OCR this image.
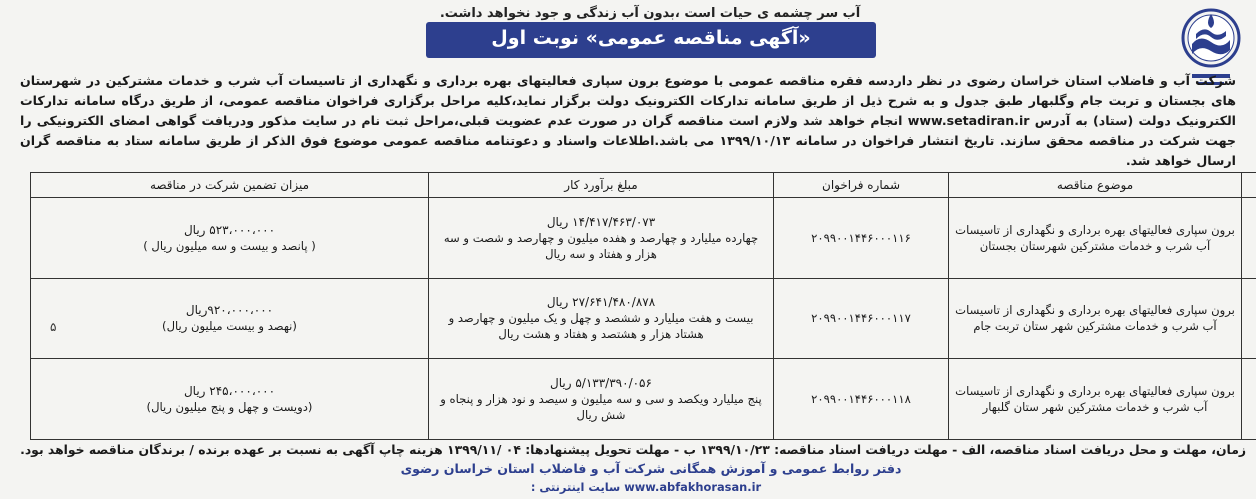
آب سر چشمه ی حیات است ،بدون آب زندگی و جود نخواهد داشت.
«آگهی مناقصه عمومی» نوبت اول
شرکت آب و فاضلاب استان خراسان رضوی در نظر داردسه فقره مناقصه عمومی با موضوع برون سپاری فعالیتهای بهره برداری و نگهداری از تاسیسات آب شرب و خدمات مشترکین در شهرستان های بجستان و تربت جام وگلبهار طبق جدول و به شرح ذیل از طریق سامانه تدارکات الکترونیک دولت برگزار نماید،کلیه مراحل برگزاری فراخوان مناقصه عمومی، از طریق درگاه سامانه تدارکات الکترونیک دولت (ستاد) به آدرس www.setadiran.ir انجام خواهد شد ولازم است مناقصه گران در صورت عدم عضویت قبلی،مراحل ثبت نام در سایت مذکور ودریافت گواهی امضای الکترونیکی را جهت شرکت در مناقصه محقق سازند. تاریخ انتشار فراخوان در سامانه ۱۳۹۹/۱۰/۱۳ می باشد.اطلاعات واسناد و دعوتنامه مناقصه عمومی موضوع فوق الذکر از طریق سامانه ستاد به مناقصه گران ارسال خواهد شد.
	موضوع مناقصه	شماره فراخوان	مبلغ برآورد کار	میزان تضمین شرکت در مناقصه
	برون سپاری فعالیتهای بهره برداری و نگهداری از تاسیسات آب شرب و خدمات مشترکین شهرستان بجستان	۲۰۹۹۰۰۱۴۴۶۰۰۰۱۱۶	۱۴/۴۱۷/۴۶۳/۰۷۳ ریال
چهارده میلیارد و چهارصد و هفده میلیون و چهارصد و شصت و سه هزار و هفتاد و سه ریال	۵۲۳،۰۰۰،۰۰۰ ریال
( پانصد و بیست و سه میلیون ریال )
	برون سپاری فعالیتهای بهره برداری و نگهداری از تاسیسات آب شرب و خدمات مشترکین شهر ستان تربت جام	۲۰۹۹۰۰۱۴۴۶۰۰۰۱۱۷	۲۷/۶۴۱/۴۸۰/۸۷۸ ریال
بیست و هفت میلیارد و ششصد و چهل و یک میلیون و چهارصد و هشتاد هزار و هشتصد و هفتاد و هشت ریال	۹۲۰،۰۰۰،۰۰۰ریال
(نهصد و بیست میلیون ریال)
	برون سپاری فعالیتهای بهره برداری و نگهداری از تاسیسات آب شرب و خدمات مشترکین شهر ستان گلبهار	۲۰۹۹۰۰۱۴۴۶۰۰۰۱۱۸	۵/۱۳۳/۳۹۰/۰۵۶ ریال
پنج میلیارد ویکصد و سی و سه میلیون و سیصد و نود هزار و پنجاه و شش ریال	۲۴۵،۰۰۰،۰۰۰ ریال
(دویست و چهل و پنج میلیون ریال)
۵
زمان، مهلت و محل دریافت اسناد مناقصه، الف - مهلت دریافت اسناد مناقصه: ۱۳۹۹/۱۰/۲۳ ب - مهلت تحویل پیشنهادها: ۰۴ /۱۳۹۹/۱۱ هزینه چاپ آگهی به نسبت بر عهده برنده / برندگان مناقصه خواهد بود.
دفتر روابط عمومی و آموزش همگانی شرکت آب و فاضلاب استان خراسان رضوی
www.abfakhorasan.ir سایت اینترنتی :
